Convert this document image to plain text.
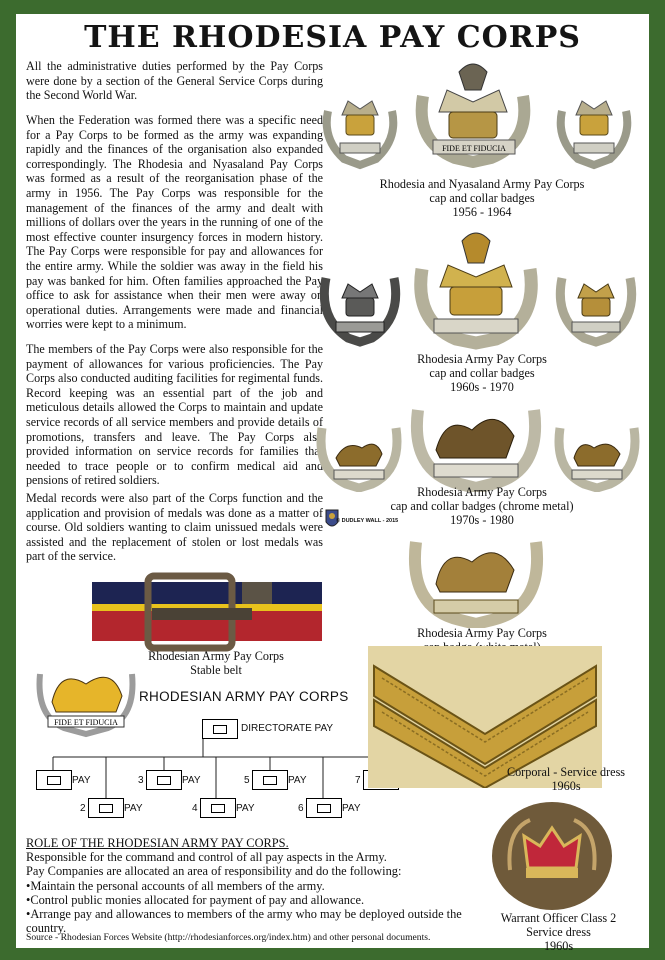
THE RHODESIA PAY CORPS

All the administrative duties performed by the Pay Corps were done by a section of the General Service Corps during the Second World War.

When the Federation was formed there was a specific need for a Pay Corps to be formed as the army was expanding rapidly and the finances of the organisation also expanded correspondingly. The Rhodesia and Nyasaland Pay Corps was formed as a result of the reorganisation phase of the army in 1956. The Pay Corps was responsible for the management of the finances of the army and dealt with millions of dollars over the years in the running of one of the most effective counter insurgency forces in modern history. The Pay Corps were responsible for pay and allowances for the entire army. While the soldier was away in the field his pay was banked for him. Often families approached the Pay office to ask for assistance when their men were away on operational duties. Arrangements were made and financial worries were kept to a minimum.

The members of the Pay Corps were also responsible for the payment of allowances for various proficiencies. The Pay Corps also conducted auditing facilities for regimental funds. Record keeping was an essential part of the job and meticulous details allowed the Corps to maintain and update service records of all service members and provide details of promotions, transfers and leave. The Pay Corps also provided information on service records for families that needed to trace people or to confirm medical aid and pensions of retired soldiers.

Medal records were also part of the Corps function and the application and provision of medals was done as a matter of course. Old soldiers wanting to claim unissued medals were assisted and the replacement of stolen or lost medals was part of the service.

FIDE ET FIDUCIA
Rhodesia and Nyasaland Army Pay Corps
cap and collar badges
1956 - 1964
Rhodesia Army Pay Corps
cap and collar badges
1960s - 1970
Rhodesia Army Pay Corps
cap and collar badges (chrome metal)
1970s - 1980
© DUDLEY WALL - 2015
Rhodesia Army Pay Corps
Rhodesian Army Pay Corps
Stable belt
FIDE ET FIDUCIA
RHODESIAN ARMY PAY CORPS
DIRECTORATE PAY
PAY	3	PAY	5	PAY	7
2	PAY	4	PAY	6	PAY
Corporal - Service dress
1960s
Warrant Officer Class 2
Service dress
1960s
ROLE OF THE RHODESIAN ARMY PAY CORPS.
Responsible for the command and control of all pay aspects in the Army.
Pay Companies are allocated an area of responsibility and do the following:
•Maintain the personal accounts of all members of the army.
•Control public monies allocated for payment of pay and allowance.
•Arrange pay and allowances to members of the army who may be deployed outside the country.
Source - Rhodesian Forces Website (http://rhodesianforces.org/index.htm) and other personal documents.
